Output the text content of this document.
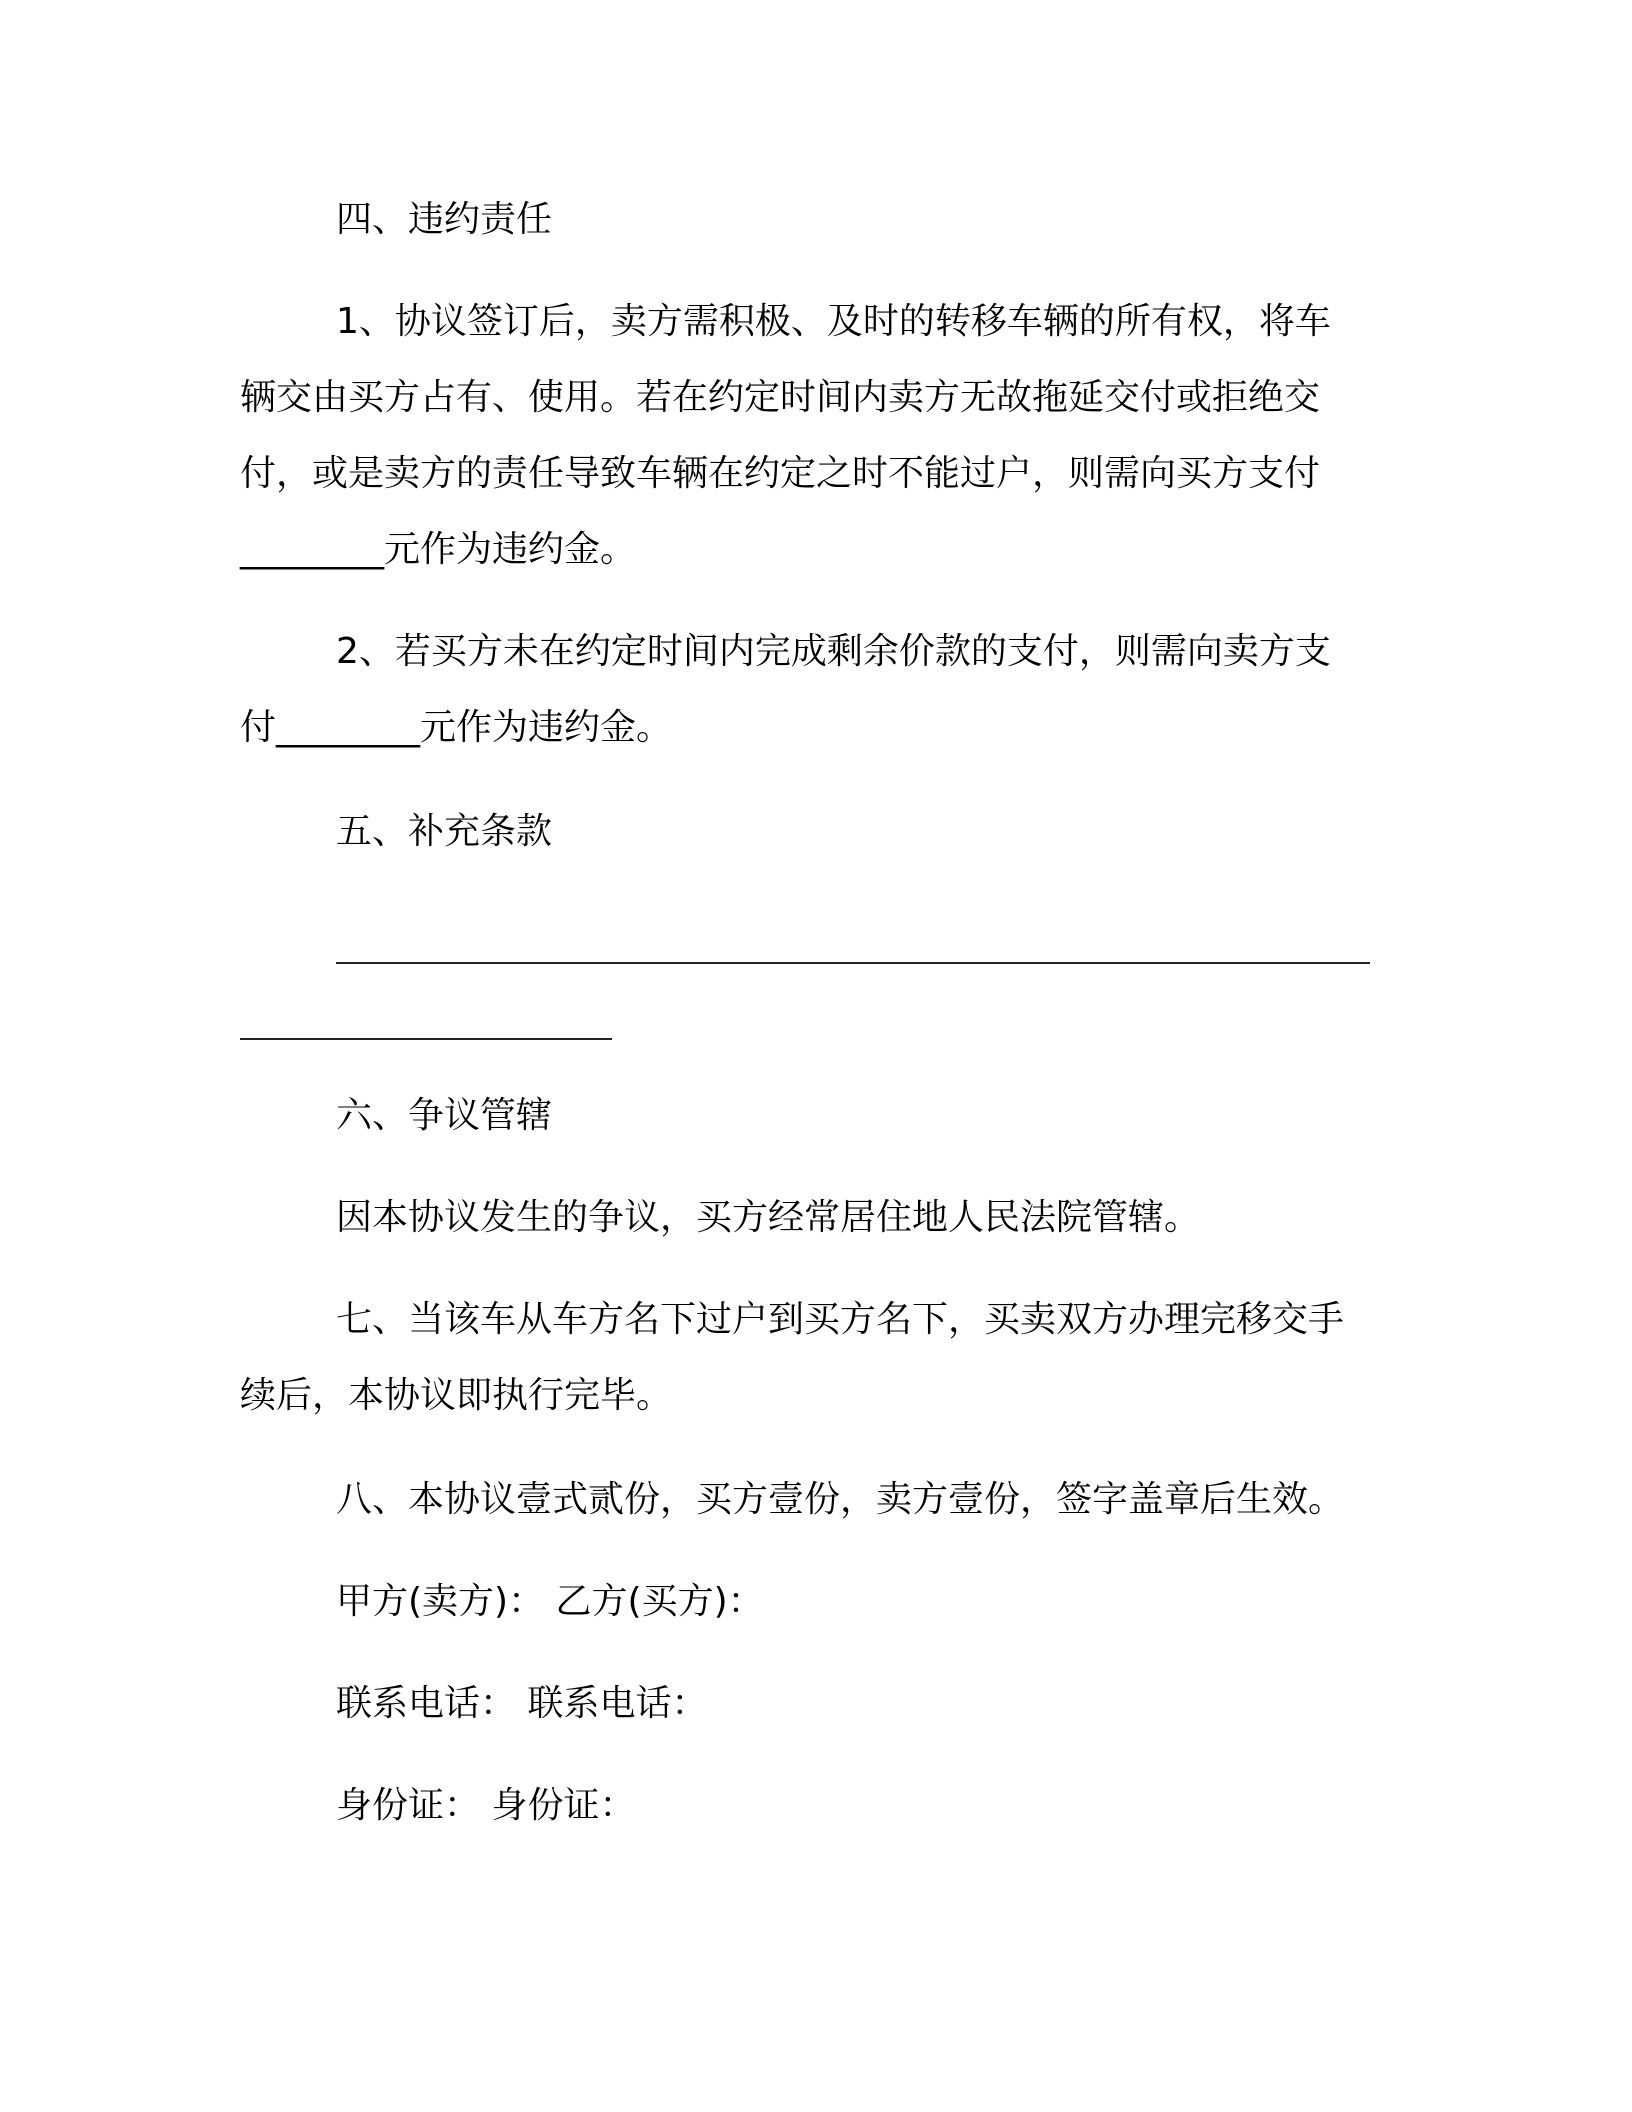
四、违约责任

1、协议签订后，卖方需积极、及时的转移车辆的所有权，将车

辆交由买方占有、使用。若在约定时间内卖方无故拖延交付或拒绝交

付，或是卖方的责任导致车辆在约定之时不能过户，则需向买方支付

________元作为违约金。

2、若买方未在约定时间内完成剩余价款的支付，则需向卖方支

付________元作为违约金。

五、补充条款

六、争议管辖

因本协议发生的争议，买方经常居住地人民法院管辖。

七、当该车从车方名下过户到买方名下，买卖双方办理完移交手

续后，本协议即执行完毕。

八、本协议壹式贰份，买方壹份，卖方壹份，签字盖章后生效。

甲方(卖方)： 乙方(买方)：

联系电话： 联系电话：

身份证： 身份证：
